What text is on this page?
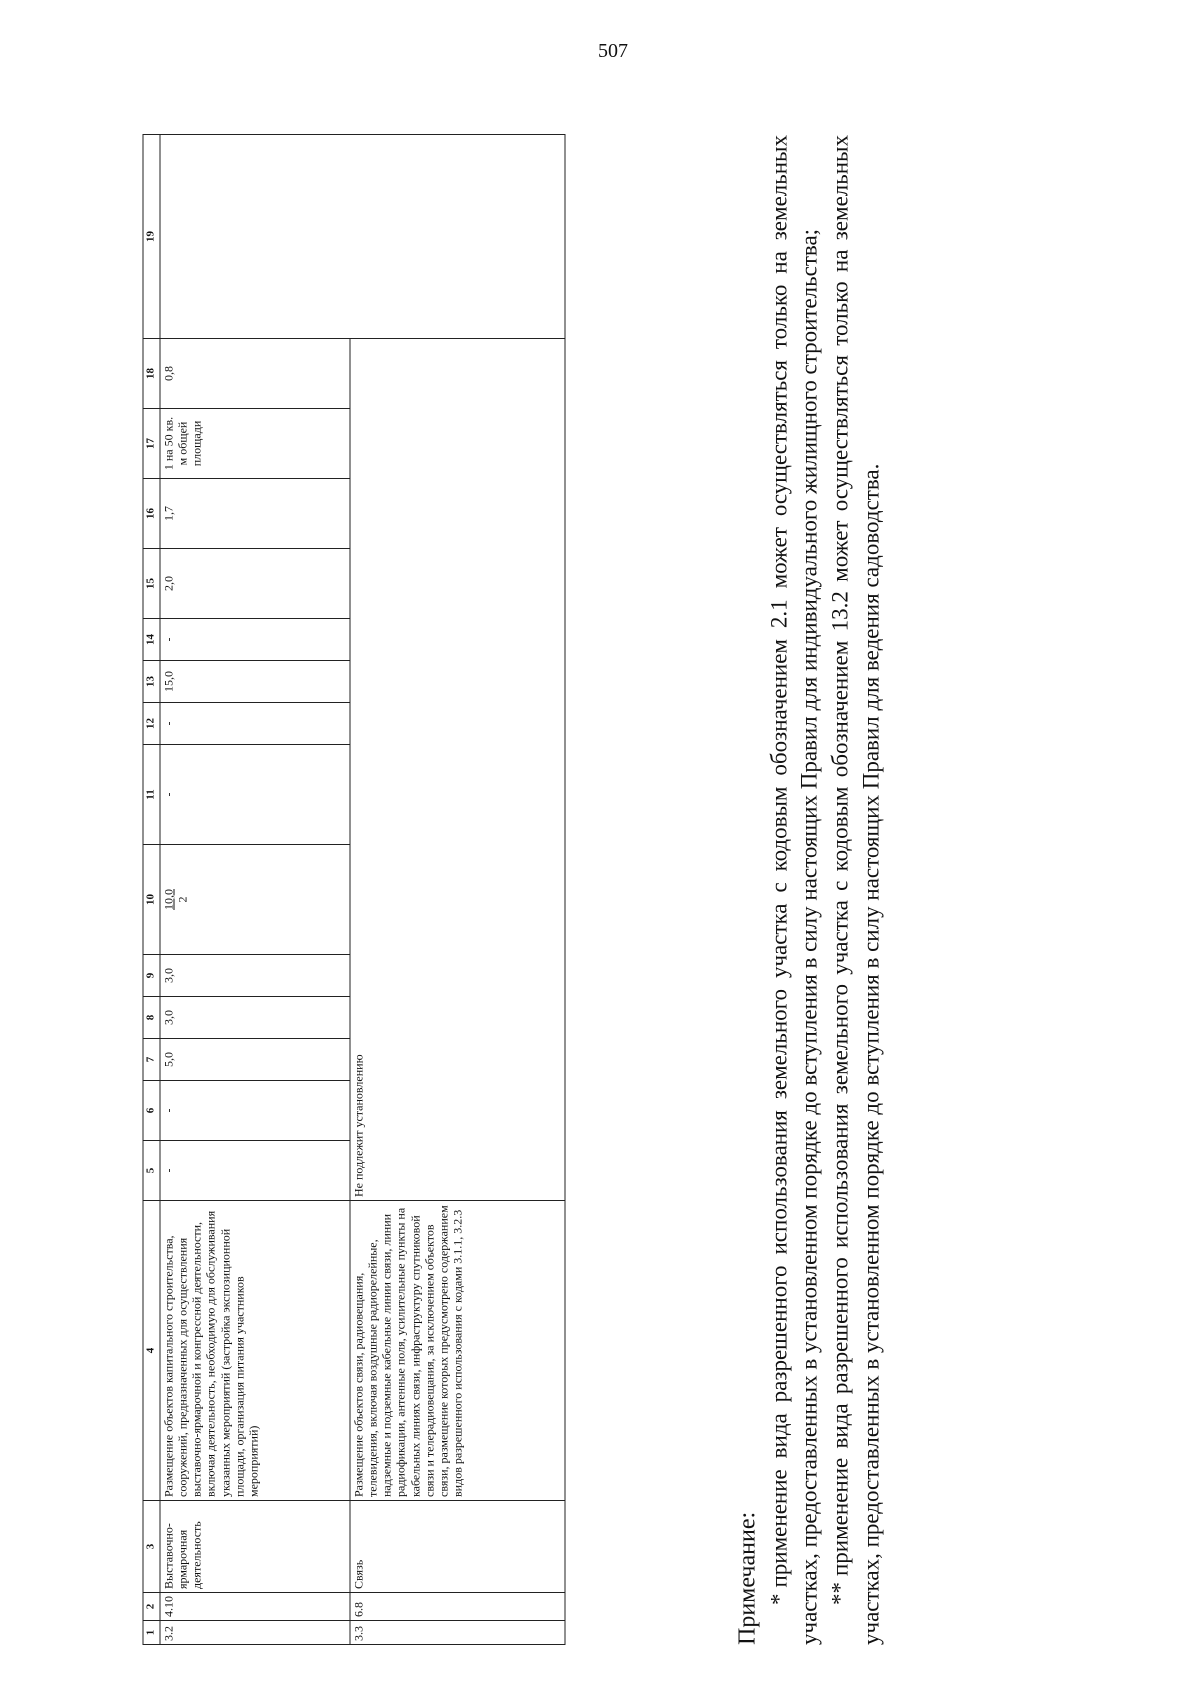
507
1	2	3	4	5	6	7	8	9	10	11	12	13	14	15	16	17	18	19
3.2	4.10	Выставочно-ярмарочная деятельность	Размещение объектов капитального строительства, сооружений, предназначенных для осуществления выставочно-ярмарочной и конгрессной деятельности, включая деятельность, необходимую для обслуживания указанных мероприятий (застройка экспозиционной площади, организация питания участников мероприятий)	-	-	5,0	3,0	3,0	10,0 2	-	-	15,0	-	2,0	1,7	1 на 50 кв. м общей площади	0,8	
3.3	6.8	Связь	Размещение объектов связи, радиовещания, телевидения, включая воздушные радиорелейные, надземные и подземные кабельные линии связи, линии радиофикации, антенные поля, усилительные пункты на кабельных линиях связи, инфраструктуру спутниковой связи и телерадиовещания, за исключением объектов связи, размещение которых предусмотрено содержанием видов разрешенного использования с кодами 3.1.1, 3.2.3	Не подлежит установлению														
Примечание: *применение вида разрешенного использования земельного участка с кодовым обозначением 2.1 может осуществляться только на земельных участках, предоставленных в установленном порядке до вступления в силу настоящих Правил для индивидуального жилищного строительства; **применение вида разрешенного использования земельного участка с кодовым обозначением 13.2 может осуществляться только на земельных участках, предоставленных в установленном порядке до вступления в силу настоящих Правил для ведения садоводства.
